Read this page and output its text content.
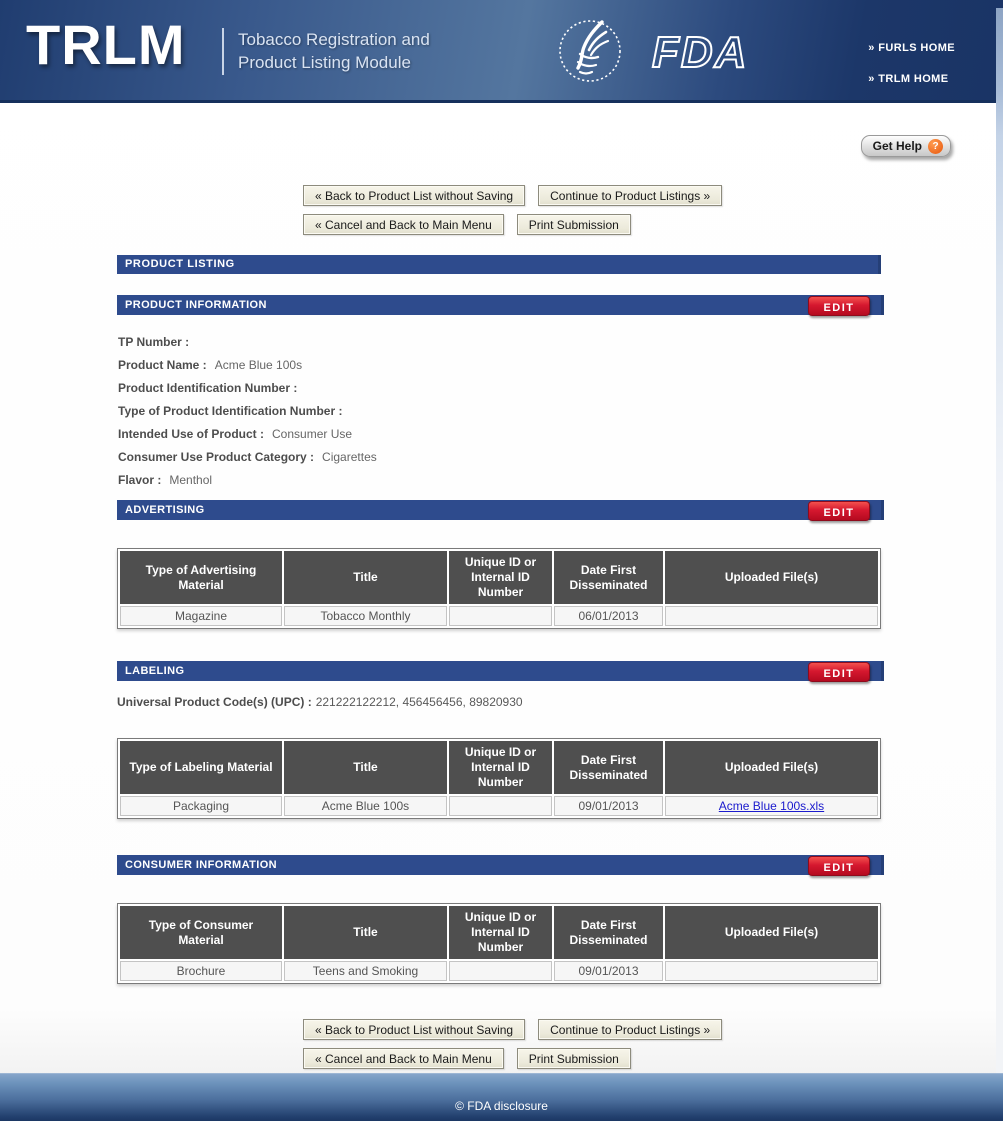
TRLM	Tobacco Registration and
Product Listing Module	FDA	» FURLS HOME
» TRLM HOME
Get Help	?
« Back to Product List without Saving	Continue to Product Listings »
« Cancel and Back to Main Menu	Print Submission
PRODUCT LISTING
PRODUCT INFORMATION	EDIT
TP Number :
Product Name : Acme Blue 100s
Product Identification Number :
Type of Product Identification Number :
Intended Use of Product : Consumer Use
Consumer Use Product Category : Cigarettes
Flavor : Menthol
ADVERTISING	EDIT
Type of Advertising Material	Title	Unique ID or Internal ID Number	Date First Disseminated	Uploaded File(s)
Magazine	Tobacco Monthly		06/01/2013	
LABELING	EDIT
Universal Product Code(s) (UPC) : 221222122212, 456456456, 89820930
Type of Labeling Material	Title	Unique ID or Internal ID Number	Date First Disseminated	Uploaded File(s)
Packaging	Acme Blue 100s		09/01/2013	Acme Blue 100s.xls
CONSUMER INFORMATION	EDIT
Type of Consumer Material	Title	Unique ID or Internal ID Number	Date First Disseminated	Uploaded File(s)
Brochure	Teens and Smoking		09/01/2013	
« Back to Product List without Saving	Continue to Product Listings »
« Cancel and Back to Main Menu	Print Submission
© FDA disclosure
